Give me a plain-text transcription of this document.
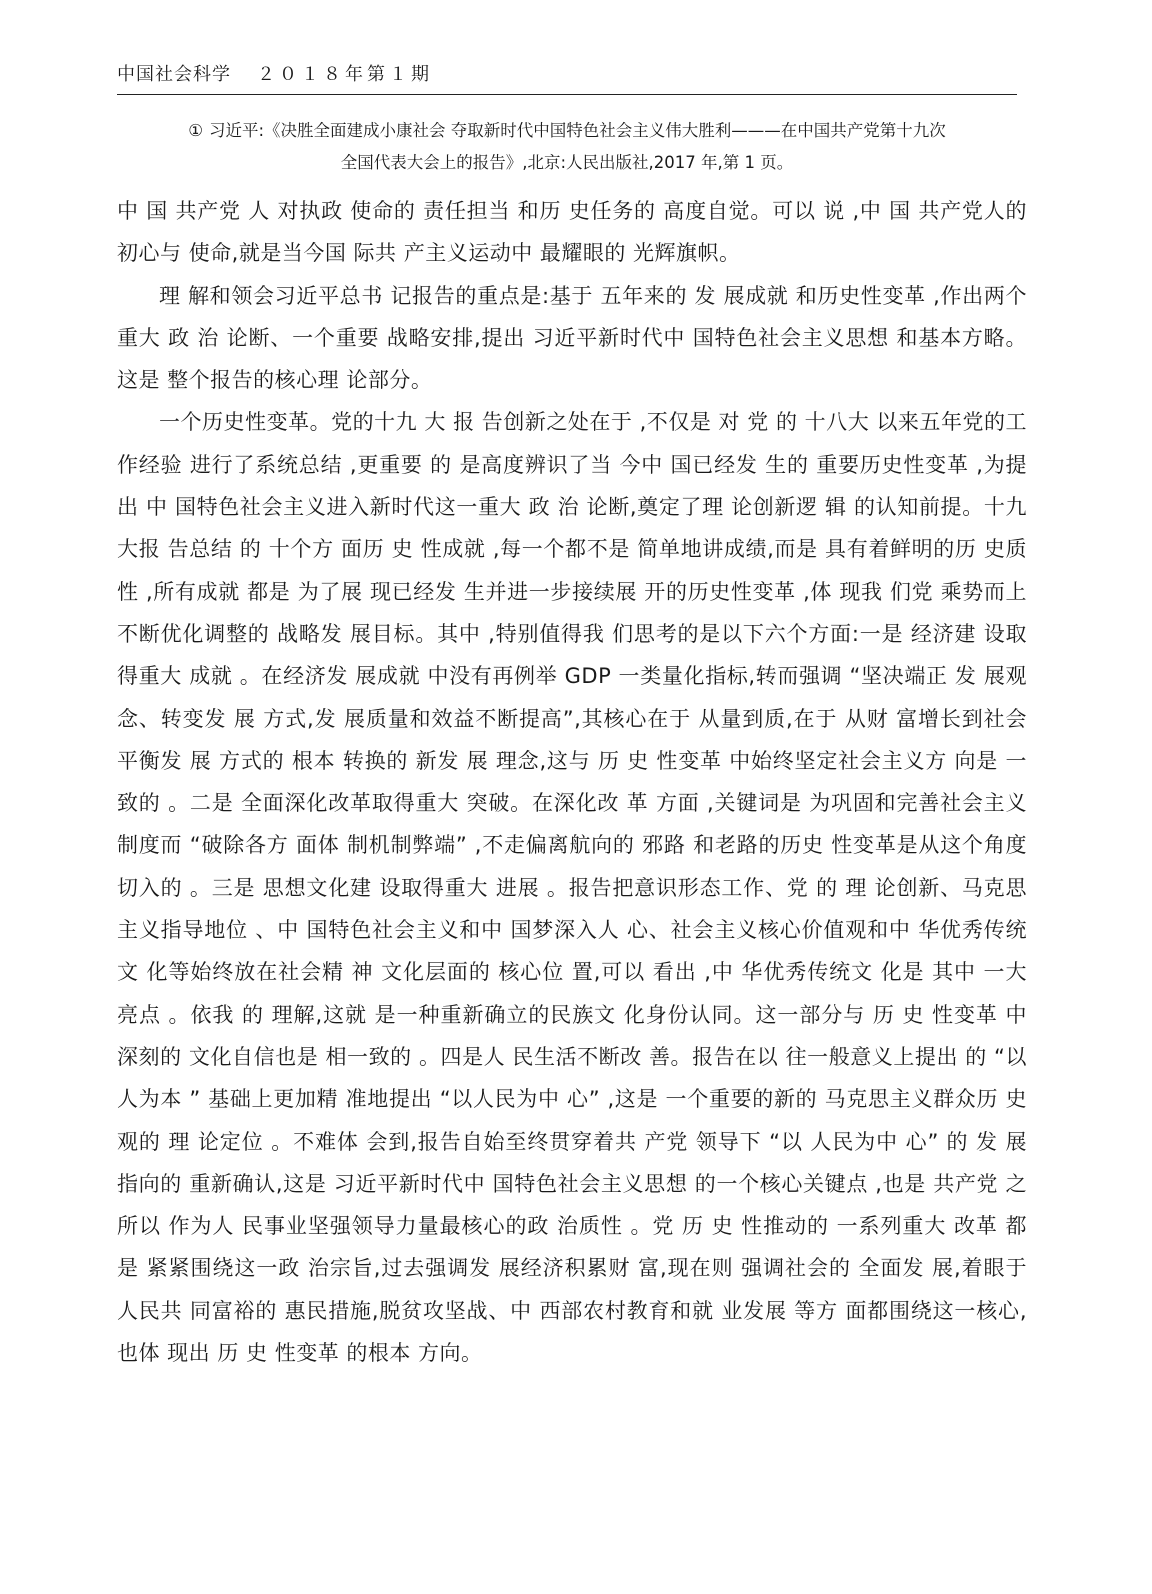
中国社会科学 ２０１８年第１期
① 习近平:《决胜全面建成小康社会 夺取新时代中国特色社会主义伟大胜利———在中国共产党第十九次
全国代表大会上的报告》,北京:人民出版社,2017 年,第 1 页。

中 国 共产党 人 对执政 使命的 责任担当 和历 史任务的 高度自觉。可以 说 ,中 国 共产党人的初心与 使命,就是当今国 际共 产主义运动中 最耀眼的 光辉旗帜。

理 解和领会习近平总书 记报告的重点是:基于 五年来的 发 展成就 和历史性变革 ,作出两个重大 政 治 论断、一个重要 战略安排,提出 习近平新时代中 国特色社会主义思想 和基本方略。这是 整个报告的核心理 论部分。

一个历史性变革。党的十九 大 报 告创新之处在于 ,不仅是 对 党 的 十八大 以来五年党的工作经验 进行了系统总结 ,更重要 的 是高度辨识了当 今中 国已经发 生的 重要历史性变革 ,为提出 中 国特色社会主义进入新时代这一重大 政 治 论断,奠定了理 论创新逻 辑 的认知前提。十九大报 告总结 的 十个方 面历 史 性成就 ,每一个都不是 简单地讲成绩,而是 具有着鲜明的历 史质性 ,所有成就 都是 为了展 现已经发 生并进一步接续展 开的历史性变革 ,体 现我 们党 乘势而上不断优化调整的 战略发 展目标。其中 ,特别值得我 们思考的是以下六个方面:一是 经济建 设取得重大 成就 。在经济发 展成就 中没有再例举 GDP 一类量化指标,转而强调 “坚决端正 发 展观念、转变发 展 方式,发 展质量和效益不断提高”,其核心在于 从量到质,在于 从财 富增长到社会平衡发 展 方式的 根本 转换的 新发 展 理念,这与 历 史 性变革 中始终坚定社会主义方 向是 一致的 。二是 全面深化改革取得重大 突破。在深化改 革 方面 ,关键词是 为巩固和完善社会主义制度而 “破除各方 面体 制机制弊端” ,不走偏离航向的 邪路 和老路的历史 性变革是从这个角度切入的 。三是 思想文化建 设取得重大 进展 。报告把意识形态工作、党 的 理 论创新、马克思主义指导地位 、中 国特色社会主义和中 国梦深入人 心、社会主义核心价值观和中 华优秀传统文 化等始终放在社会精 神 文化层面的 核心位 置,可以 看出 ,中 华优秀传统文 化是 其中 一大 亮点 。依我 的 理解,这就 是一种重新确立的民族文 化身份认同。这一部分与 历 史 性变革 中深刻的 文化自信也是 相一致的 。四是人 民生活不断改 善。报告在以 往一般意义上提出 的 “以 人为本 ” 基础上更加精 准地提出 “以人民为中 心” ,这是 一个重要的新的 马克思主义群众历 史观的 理 论定位 。不难体 会到,报告自始至终贯穿着共 产党 领导下 “以 人民为中 心” 的 发 展指向的 重新确认,这是 习近平新时代中 国特色社会主义思想 的一个核心关键点 ,也是 共产党 之所以 作为人 民事业坚强领导力量最核心的政 治质性 。党 历 史 性推动的 一系列重大 改革 都是 紧紧围绕这一政 治宗旨,过去强调发 展经济积累财 富,现在则 强调社会的 全面发 展,着眼于人民共 同富裕的 惠民措施,脱贫攻坚战、中 西部农村教育和就 业发展 等方 面都围绕这一核心,也体 现出 历 史 性变革 的根本 方向。
